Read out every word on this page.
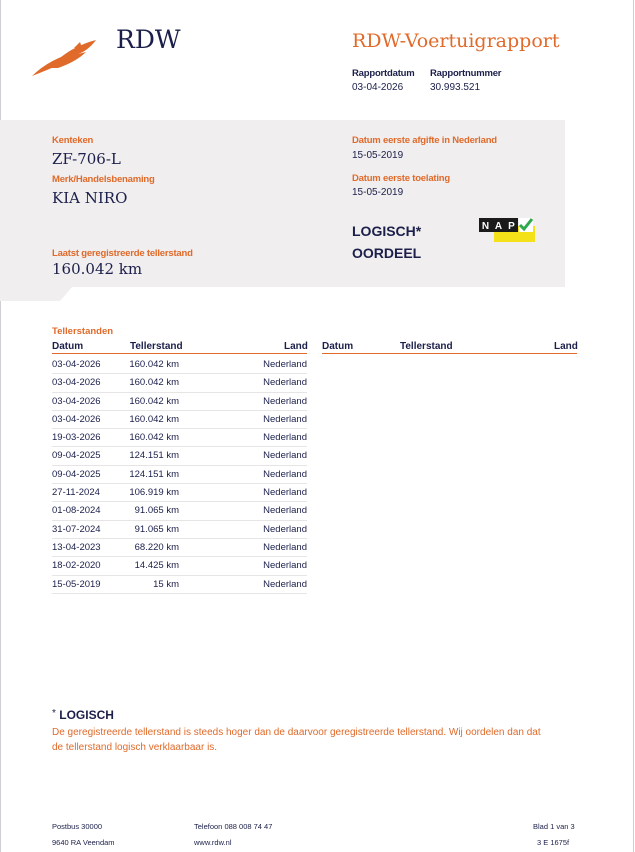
RDW	RDW-Voertuigrapport
Rapportdatum
03-04-2026
Rapportnummer
30.993.521
Kenteken
ZF-706-L
Merk/Handelsbenaming
KIA NIRO
Laatst geregistreerde tellerstand
160.042 km
Datum eerste afgifte in Nederland
15-05-2019
Datum eerste toelating
15-05-2019
LOGISCH*
OORDEEL
N A P
Tellerstanden
Datum	Tellerstand	Land Datum	Tellerstand	Land
03-04-2026	160.042 km	Nederland
03-04-2026	160.042 km	Nederland
03-04-2026	160.042 km	Nederland
03-04-2026	160.042 km	Nederland
19-03-2026	160.042 km	Nederland
09-04-2025	124.151 km	Nederland
09-04-2025	124.151 km	Nederland
27-11-2024	106.919 km	Nederland
01-08-2024	91.065 km	Nederland
31-07-2024	91.065 km	Nederland
13-04-2023	68.220 km	Nederland
18-02-2020	14.425 km	Nederland
15-05-2019	15 km	Nederland
* LOGISCH
De geregistreerde tellerstand is steeds hoger dan de daarvoor geregistreerde tellerstand. Wij oordelen dan dat de tellerstand logisch verklaarbaar is.
Postbus 30000
9640 RA Veendam
Telefoon 088 008 74 47
www.rdw.nl
Blad 1 van 3
3 E 1675f
